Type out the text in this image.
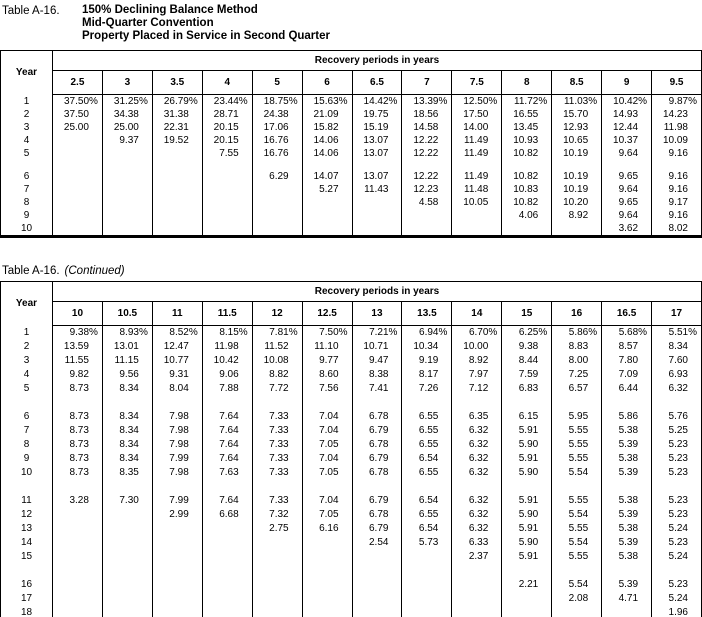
Table A-16.	150% Declining Balance Method
Mid-Quarter Convention
Property Placed in Service in Second Quarter
Year	Recovery periods in years												
	2.5	3	3.5	4	5	6	6.5	7	7.5	8	8.5	9	9.5
1	37.50%	31.25%	26.79%	23.44%	18.75%	15.63%	14.42%	13.39%	12.50%	11.72%	11.03%	10.42%	9.87%
2	37.50	34.38	31.38	28.71	24.38	21.09	19.75	18.56	17.50	16.55	15.70	14.93	14.23
3	25.00	25.00	22.31	20.15	17.06	15.82	15.19	14.58	14.00	13.45	12.93	12.44	11.98
4		9.37	19.52	20.15	16.76	14.06	13.07	12.22	11.49	10.93	10.65	10.37	10.09
5				7.55	16.76	14.06	13.07	12.22	11.49	10.82	10.19	9.64	9.16

6					6.29	14.07	13.07	12.22	11.49	10.82	10.19	9.65	9.16
7						5.27	11.43	12.23	11.48	10.83	10.19	9.64	9.16
8								4.58	10.05	10.82	10.20	9.65	9.17
9										4.06	8.92	9.64	9.16
10												3.62	8.02
Table A-16. (Continued)
Year	Recovery periods in years												
	10	10.5	11	11.5	12	12.5	13	13.5	14	15	16	16.5	17
1	9.38%	8.93%	8.52%	8.15%	7.81%	7.50%	7.21%	6.94%	6.70%	6.25%	5.86%	5.68%	5.51%
2	13.59	13.01	12.47	11.98	11.52	11.10	10.71	10.34	10.00	9.38	8.83	8.57	8.34
3	11.55	11.15	10.77	10.42	10.08	9.77	9.47	9.19	8.92	8.44	8.00	7.80	7.60
4	9.82	9.56	9.31	9.06	8.82	8.60	8.38	8.17	7.97	7.59	7.25	7.09	6.93
5	8.73	8.34	8.04	7.88	7.72	7.56	7.41	7.26	7.12	6.83	6.57	6.44	6.32

6	8.73	8.34	7.98	7.64	7.33	7.04	6.78	6.55	6.35	6.15	5.95	5.86	5.76
7	8.73	8.34	7.98	7.64	7.33	7.04	6.79	6.55	6.32	5.91	5.55	5.38	5.25
8	8.73	8.34	7.98	7.64	7.33	7.05	6.78	6.55	6.32	5.90	5.55	5.39	5.23
9	8.73	8.34	7.99	7.64	7.33	7.04	6.79	6.54	6.32	5.91	5.55	5.38	5.23
10	8.73	8.35	7.98	7.63	7.33	7.05	6.78	6.55	6.32	5.90	5.54	5.39	5.23

11	3.28	7.30	7.99	7.64	7.33	7.04	6.79	6.54	6.32	5.91	5.55	5.38	5.23
12			2.99	6.68	7.32	7.05	6.78	6.55	6.32	5.90	5.54	5.39	5.23
13					2.75	6.16	6.79	6.54	6.32	5.91	5.55	5.38	5.24
14							2.54	5.73	6.33	5.90	5.54	5.39	5.23
15									2.37	5.91	5.55	5.38	5.24

16										2.21	5.54	5.39	5.23
17											2.08	4.71	5.24
18													1.96
